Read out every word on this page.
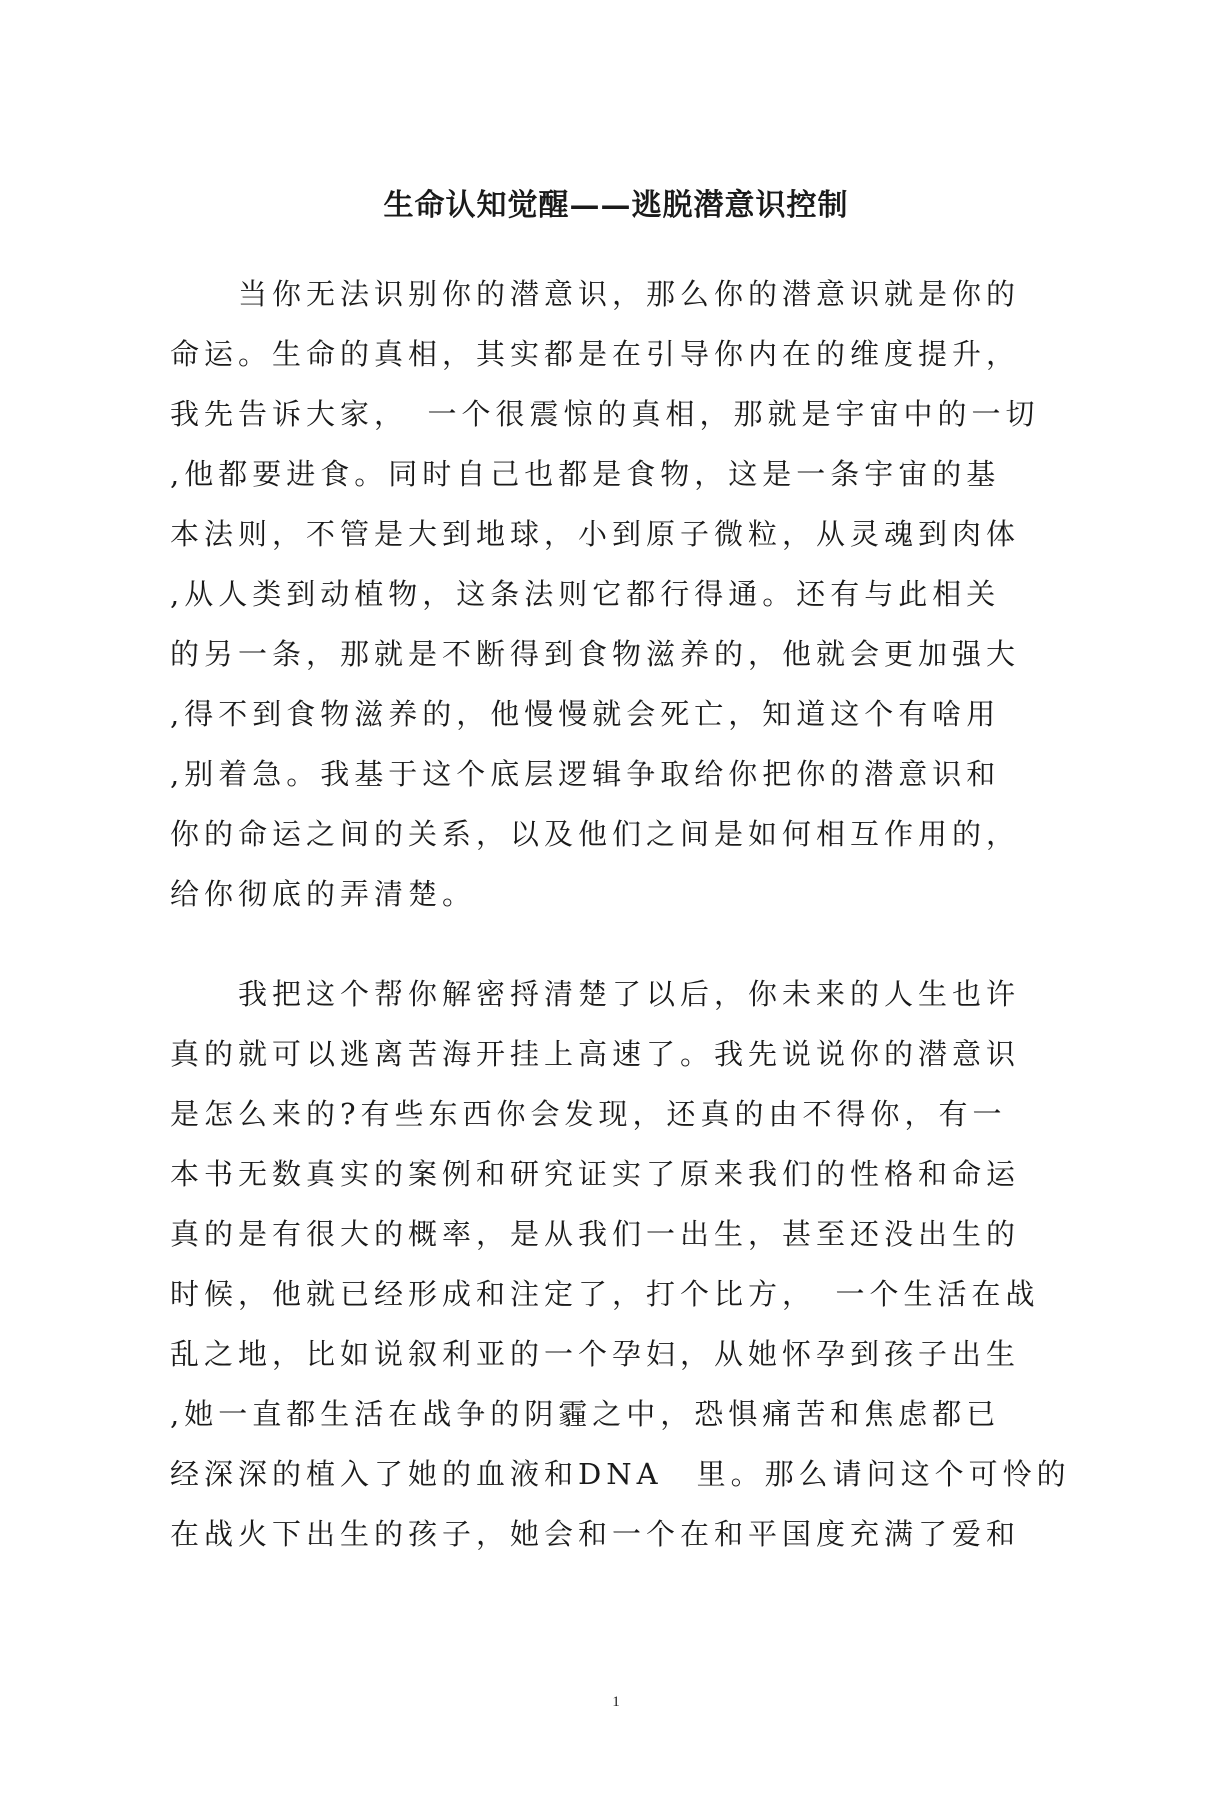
生命认知觉醒——逃脱潜意识控制
　　当你无法识别你的潜意识，那么你的潜意识就是你的
命运。生命的真相，其实都是在引导你内在的维度提升，
我先告诉大家，　一个很震惊的真相，那就是宇宙中的一切
,他都要进食。同时自己也都是食物，这是一条宇宙的基
本法则，不管是大到地球，小到原子微粒，从灵魂到肉体
,从人类到动植物，这条法则它都行得通。还有与此相关
的另一条，那就是不断得到食物滋养的，他就会更加强大
,得不到食物滋养的，他慢慢就会死亡，知道这个有啥用
,别着急。我基于这个底层逻辑争取给你把你的潜意识和
你的命运之间的关系，以及他们之间是如何相互作用的，
给你彻底的弄清楚。
　　我把这个帮你解密捋清楚了以后，你未来的人生也许
真的就可以逃离苦海开挂上高速了。我先说说你的潜意识
是怎么来的?有些东西你会发现，还真的由不得你，有一
本书无数真实的案例和研究证实了原来我们的性格和命运
真的是有很大的概率，是从我们一出生，甚至还没出生的
时候，他就已经形成和注定了，打个比方，　一个生活在战
乱之地，比如说叙利亚的一个孕妇，从她怀孕到孩子出生
,她一直都生活在战争的阴霾之中，恐惧痛苦和焦虑都已
经深深的植入了她的血液和DNA　里。那么请问这个可怜的
在战火下出生的孩子，她会和一个在和平国度充满了爱和
1
